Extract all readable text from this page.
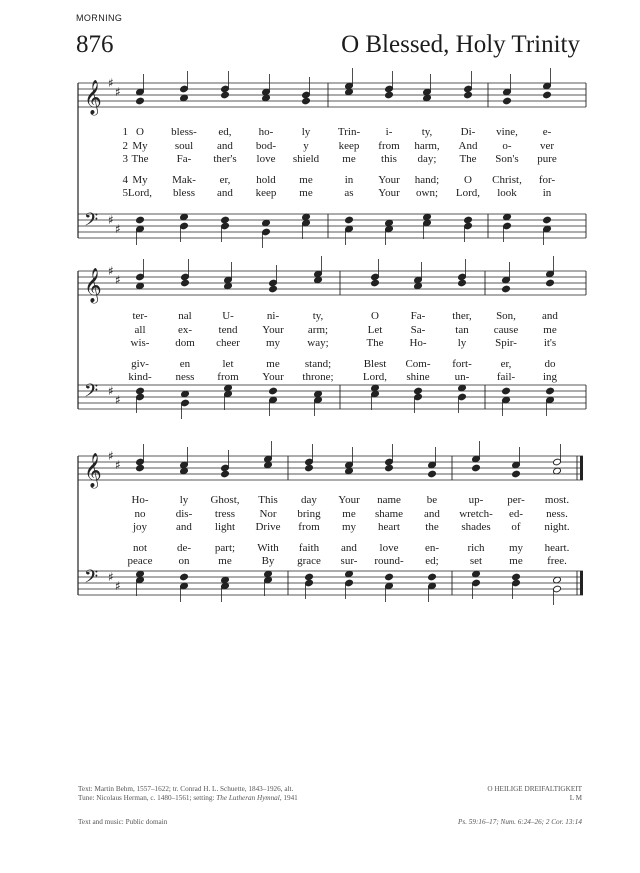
MORNING
876	O Blessed, Holy Trinity
𝄞
𝄢
♯
♯
♯
♯
1 O bless- ed, ho-	ly	Trin- i-	ty,	Di- vine, e-
2 My soul and bod- y	keep from harm, And o-	ver
3 The	Fa- ther's love shield me this day; The Son's pure
4 My Mak- er, hold me	in Your hand; O Christ, for-
5 Lord, bless and keep me	as Your own; Lord, look in
𝄞
𝄢
♯
♯
♯
♯
ter-	nal	U-	ni-	ty,	O	Fa- ther, Son, and
all	ex- tend Your arm;	Let	Sa-	tan cause me
wis- dom cheer my way;	The Ho-	ly	Spir- it's
giv-	en	let	me stand;	Blest Com- fort-	er,	do
kind- ness from Your throne;	Lord, shine un-	fail-	ing
𝄞
𝄢
♯
♯
♯
♯
Ho-	ly Ghost, This day Your name be	up- per- most.
no	dis- tress Nor bring me shame and wretch- ed- ness.
joy	and light Drive from my heart the shades of night.
not	de- part; With faith and love en-	rich my heart.
peace on	me	By grace sur- round- ed;	set me free.
Text: Martin Behm, 1557–1622; tr. Conrad H. L. Schuette, 1843–1926, alt.
Tune: Nicolaus Herman, c. 1480–1561; setting: The Lutheran Hymnal, 1941
O HEILIGE DREIFALTIGKEIT
L M
Text and music: Public domain	Ps. 59:16–17; Num. 6:24–26; 2 Cor. 13:14
